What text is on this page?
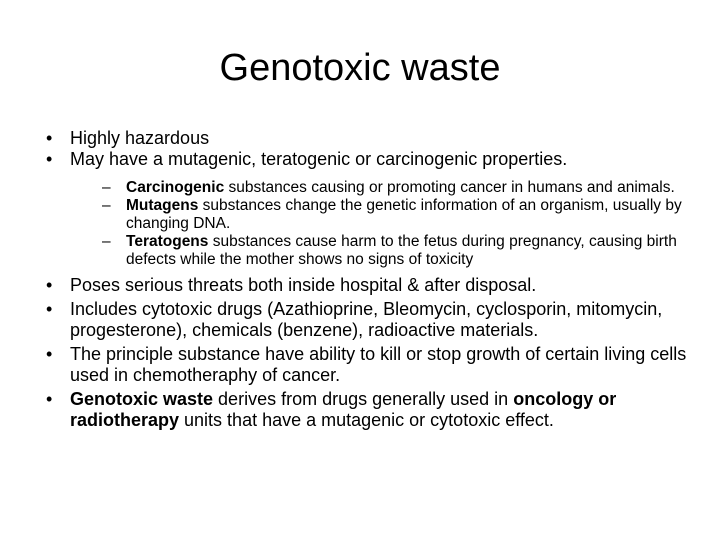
Genotoxic waste
• Highly hazardous
• May have a mutagenic, teratogenic or carcinogenic properties.
– Carcinogenic substances causing or promoting cancer in humans and animals.
– Mutagens substances change the genetic information of an organism, usually by changing DNA.
– Teratogens substances cause harm to the fetus during pregnancy, causing birth defects while the mother shows no signs of toxicity
• Poses serious threats both inside hospital & after disposal.
• Includes cytotoxic drugs (Azathioprine, Bleomycin, cyclosporin, mitomycin, progesterone), chemicals (benzene), radioactive materials.
• The principle substance have ability to kill or stop growth of certain living cells used in chemotheraphy of cancer.
• Genotoxic waste derives from drugs generally used in oncology or radiotherapy units that have a mutagenic or cytotoxic effect.
